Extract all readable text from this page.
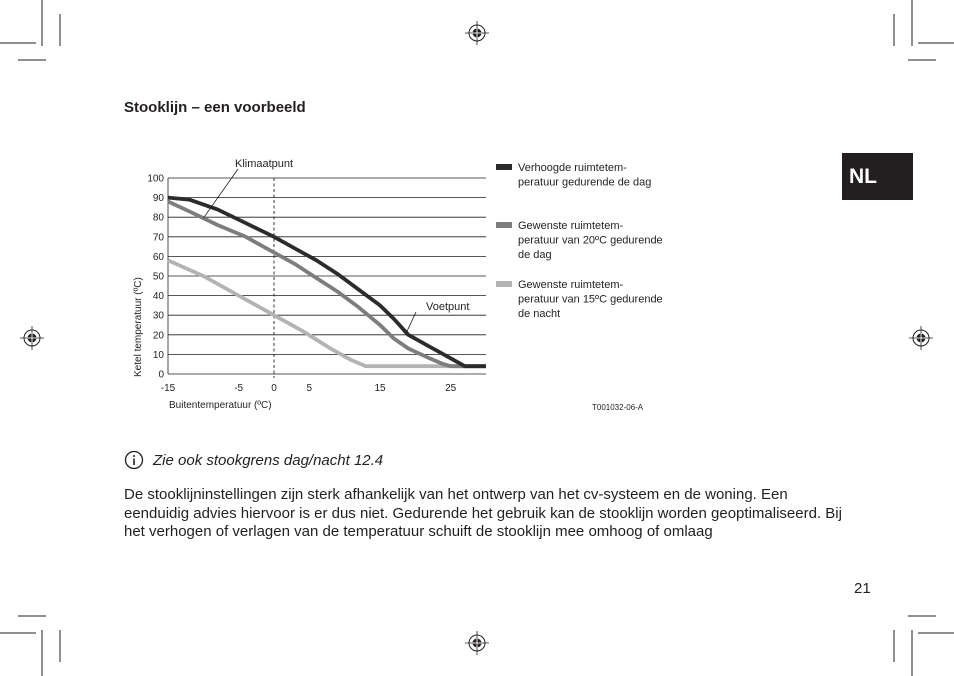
Stooklijn – een voorbeeld
NL
0
10
20
30
40
50
60
70
80
90
100
-15	-5	0	5	15	25
Klimaatpunt
Voetpunt
Verhoogde ruimtetem-
peratuur gedurende de dag
Gewenste ruimtetem-
peratuur van 20ºC gedurende
de dag
Gewenste ruimtetem-
peratuur van 15ºC gedurende
de nacht
Ketel temperatuur (ºC)
Buitentemperatuur (ºC)	T001032-06-A
Zie ook stookgrens dag/nacht 12.4
De stooklijninstellingen zijn sterk afhankelijk van het ontwerp van het cv-systeem en de woning. Een eenduidig advies hiervoor is er dus niet. Gedurende het gebruik kan de stooklijn worden geoptimaliseerd. Bij het verhogen of verlagen van de temperatuur schuift de stooklijn mee omhoog of omlaag
21
